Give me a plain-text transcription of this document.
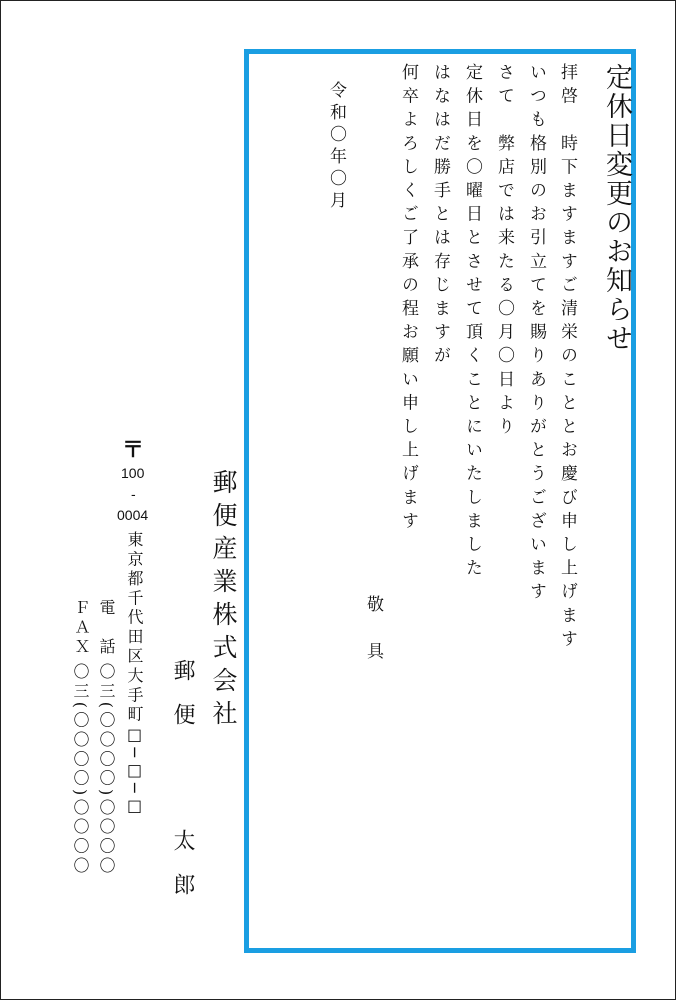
定休日変更のお知らせ
拝啓　時下ますますご清栄のこととお慶び申し上げます
いつも格別のお引立てを賜りありがとうございます
さて　弊店では来たる〇月〇日より
定休日を〇曜日とさせて頂くことにいたしました
はなはだ勝手とは存じますが
何卒よろしくご了承の程お願い申し上げます
敬　具
令和〇年〇月
郵便産業株式会社
郵　便
太　郎
〒
100
-
0004
東京都千代田区大手町□─□─□
電　話
〇三(〇〇〇〇)〇〇〇〇
ＦＡＸ
〇三(〇〇〇〇)〇〇〇〇
